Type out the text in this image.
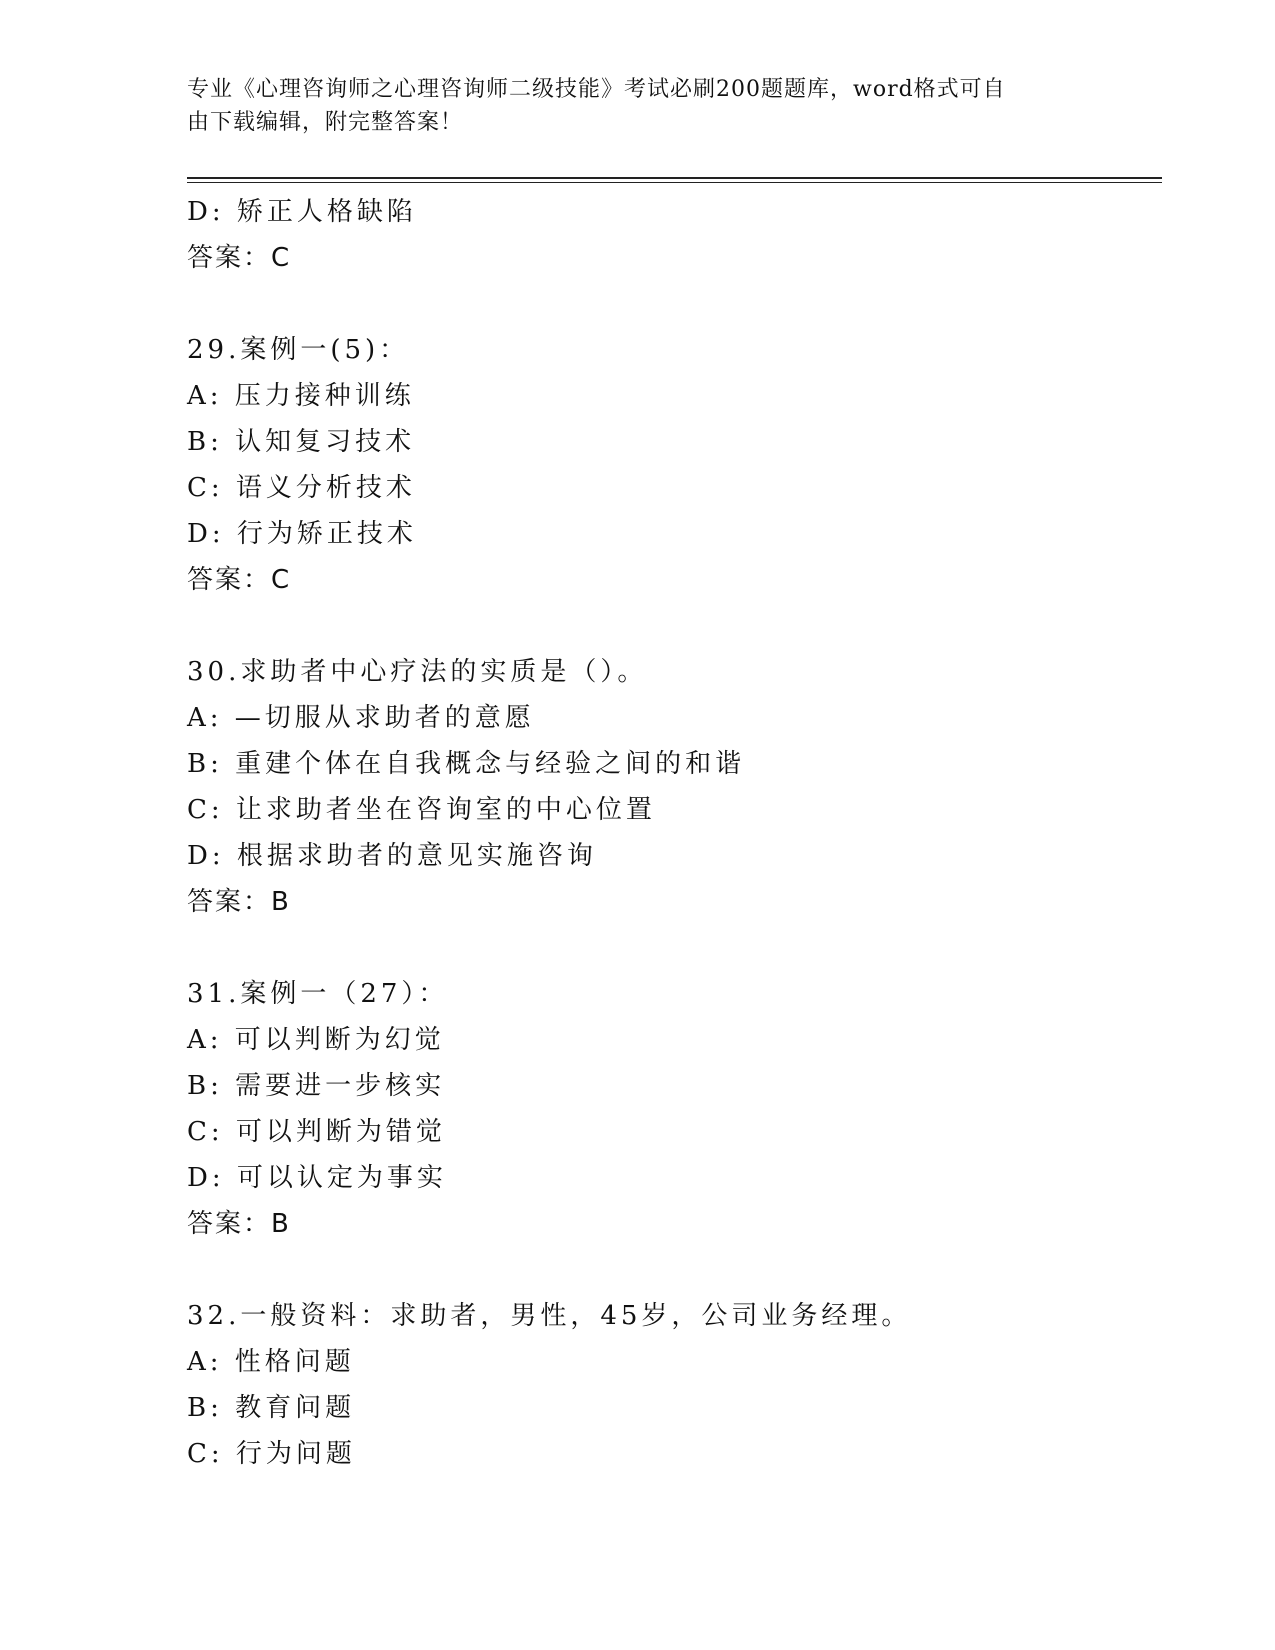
专业《心理咨询师之心理咨询师二级技能》考试必刷200题题库，word格式可自
由下载编辑，附完整答案！
D: 矫正人格缺陷
答案：C
29.案例一(5)：
A: 压力接种训练
B: 认知复习技术
C: 语义分析技术
D: 行为矫正技术
答案：C
30.求助者中心疗法的实质是（）。
A: —切服从求助者的意愿
B: 重建个体在自我概念与经验之间的和谐
C: 让求助者坐在咨询室的中心位置
D: 根据求助者的意见实施咨询
答案：B
31.案例一（27）：
A: 可以判断为幻觉
B: 需要进一步核实
C: 可以判断为错觉
D: 可以认定为事实
答案：B
32.一般资料：求助者，男性，45岁，公司业务经理。
A: 性格问题
B: 教育问题
C: 行为问题
